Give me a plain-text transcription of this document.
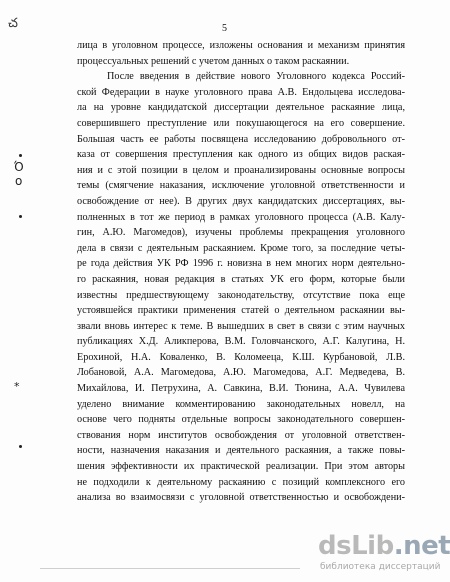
చ	5
Ό
о
*
лица в уголовном процессе, изложены основания и механизм принятия
процессуальных решений с учетом данных о таком раскаянии.
После введения в действие нового Уголовного кодекса Россий-
ской Федерации в науке уголовного права А.В. Ендольцева исследова-
ла на уровне кандидатской диссертации деятельное раскаяние лица,
совершившего преступление или покушающегося на его совершение.
Большая часть ее работы посвящена исследованию добровольного от-
каза от совершения преступления как одного из общих видов раская-
ния и с этой позиции в целом и проанализированы основные вопросы
темы (смягчение наказания, исключение уголовной ответственности и
освобождение от нее). В других двух кандидатских диссертациях, вы-
полненных в тот же период в рамках уголовного процесса (А.В. Калу-
гин, А.Ю. Магомедов), изучены проблемы прекращения уголовного
дела в связи с деятельным раскаянием. Кроме того, за последние четы-
ре года действия УК РФ 1996 г. новизна в нем многих норм деятельно-
го раскаяния, новая редакция в статьях УК его форм, которые были
известны предшествующему законодательству, отсутствие пока еще
устоявшейся практики применения статей о деятельном раскаянии вы-
звали вновь интерес к теме. В вышедших в свет в связи с этим научных
публикациях Х.Д. Аликперова, В.М. Головчанского, А.Г. Калугина, Н.
Ерохиной, Н.А. Коваленко, В. Коломееца, К.Ш. Курбановой, Л.В.
Лобановой, А.А. Магомедова, А.Ю. Магомедова, А.Г. Медведева, В.
Михайлова, И. Петрухина, А. Савкина, В.И. Тюнина, А.А. Чувилева
уделено внимание комментированию законодательных новелл, на
основе чего подняты отдельные вопросы законодательного совершен-
ствования норм институтов освобождения от уголовной ответствен-
ности, назначения наказания и деятельного раскаяния, а также повы-
шения эффективности их практической реализации. При этом авторы
не подходили к деятельному раскаянию с позиций комплексного его
анализа во взаимосвязи с уголовной ответственностью и освобождени-
dsLib.net
библиотека диссертаций
